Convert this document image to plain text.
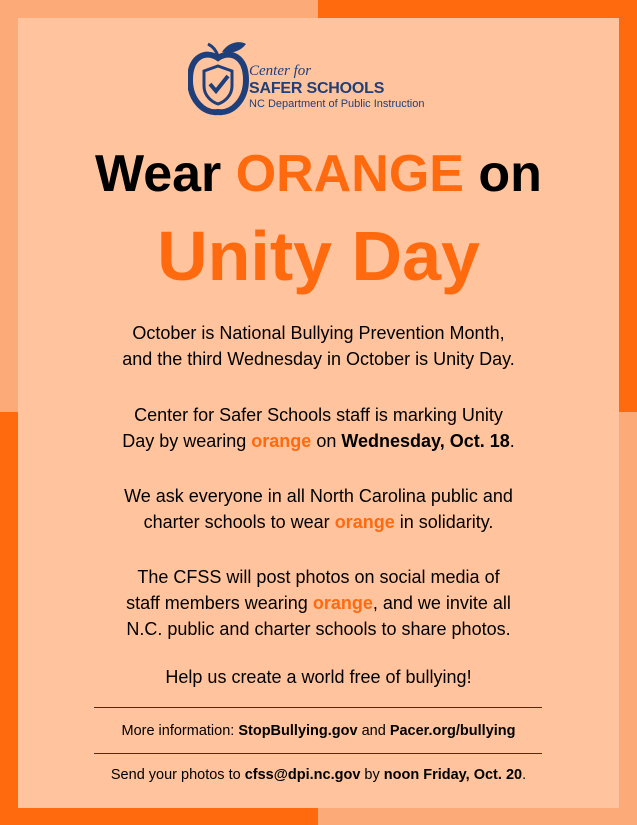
Center for
SAFER SCHOOLS
NC Department of Public Instruction
Wear ORANGE on
Unity Day
October is National Bullying Prevention Month,
and the third Wednesday in October is Unity Day.
Center for Safer Schools staff is marking Unity
Day by wearing orange on Wednesday, Oct. 18.
We ask everyone in all North Carolina public and
charter schools to wear orange in solidarity.
The CFSS will post photos on social media of
staff members wearing orange, and we invite all
N.C. public and charter schools to share photos.
Help us create a world free of bullying!
More information: StopBullying.gov and Pacer.org/bullying
Send your photos to cfss@dpi.nc.gov by noon Friday, Oct. 20.
